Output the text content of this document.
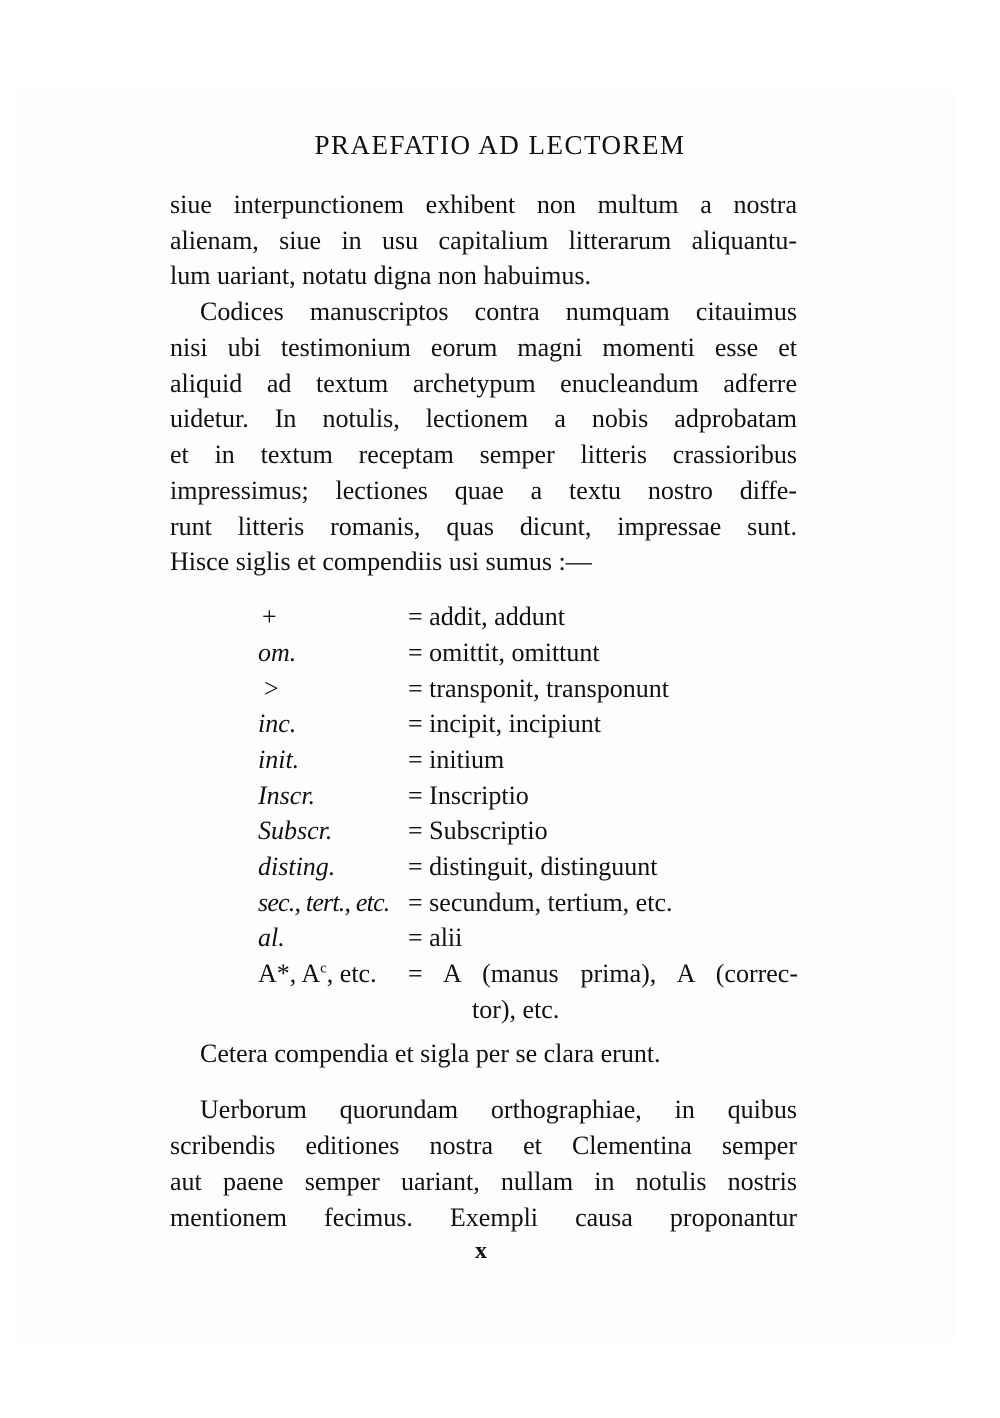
PRAEFATIO AD LECTOREM
siue interpunctionem exhibent non multum a nostra
alienam, siue in usu capitalium litterarum aliquantu-
lum uariant, notatu digna non habuimus.
Codices manuscriptos contra numquam citauimus
nisi ubi testimonium eorum magni momenti esse et
aliquid ad textum archetypum enucleandum adferre
uidetur. In notulis, lectionem a nobis adprobatam
et in textum receptam semper litteris crassioribus
impressimus; lectiones quae a textu nostro diffe-
runt litteris romanis, quas dicunt, impressae sunt.
Hisce siglis et compendiis usi sumus :—
+	= addit, addunt
om.	= omittit, omittunt
>	= transponit, transponunt
inc.	= incipit, incipiunt
init.	= initium
Inscr.	= Inscriptio
Subscr.	= Subscriptio
disting.	= distinguit, distinguunt
sec., tert., etc. = secundum, tertium, etc.
al.	= alii
A*, $A^c$, etc. = A (manus prima), A (correc-
tor), etc.
Cetera compendia et sigla per se clara erunt.
Uerborum quorundam orthographiae, in quibus
scribendis editiones nostra et Clementina semper
aut paene semper uariant, nullam in notulis nostris
mentionem fecimus. Exempli causa proponantur
x
